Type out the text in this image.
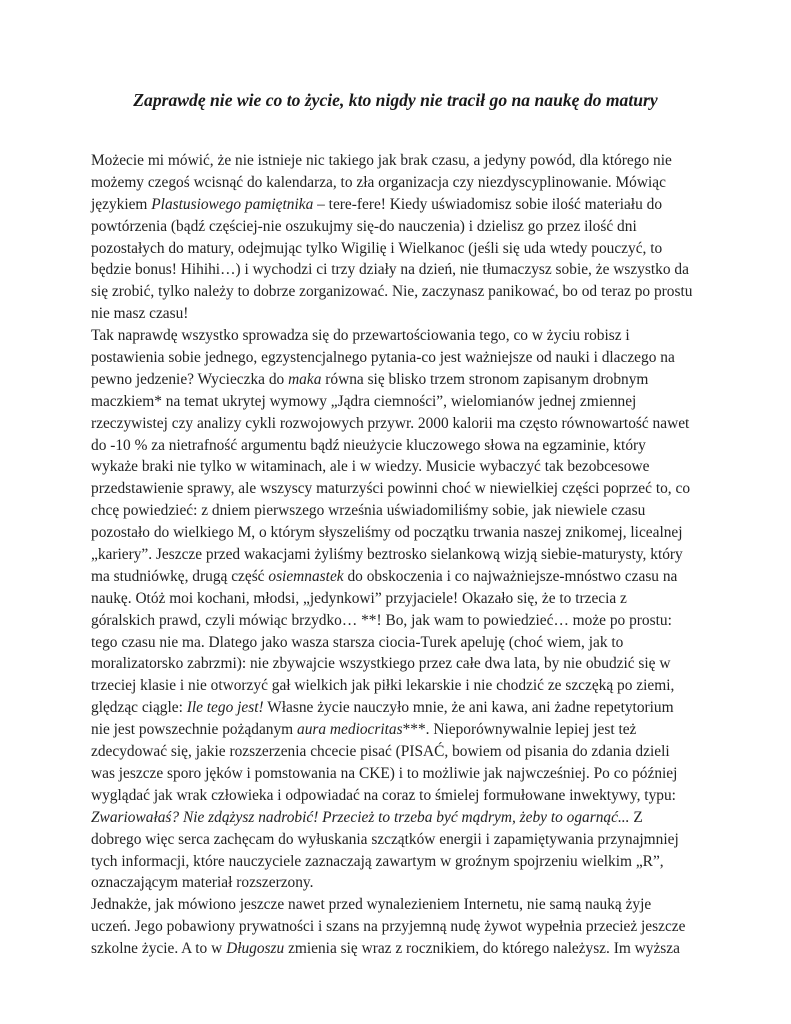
Zaprawdę nie wie co to życie, kto nigdy nie tracił go na naukę do matury
Możecie mi mówić, że nie istnieje nic takiego jak brak czasu, a jedyny powód, dla którego nie
możemy czegoś wcisnąć do kalendarza, to zła organizacja czy niezdyscyplinowanie. Mówiąc
językiem Plastusiowego pamiętnika – tere-fere! Kiedy uświadomisz sobie ilość materiału do
powtórzenia (bądź częściej-nie oszukujmy się-do nauczenia) i dzielisz go przez ilość dni
pozostałych do matury, odejmując tylko Wigilię i Wielkanoc (jeśli się uda wtedy pouczyć, to
będzie bonus! Hihihi…) i wychodzi ci trzy działy na dzień, nie tłumaczysz sobie, że wszystko da
się zrobić, tylko należy to dobrze zorganizować. Nie, zaczynasz panikować, bo od teraz po prostu
nie masz czasu!
Tak naprawdę wszystko sprowadza się do przewartościowania tego, co w życiu robisz i
postawienia sobie jednego, egzystencjalnego pytania-co jest ważniejsze od nauki i dlaczego na
pewno jedzenie? Wycieczka do maka równa się blisko trzem stronom zapisanym drobnym
maczkiem* na temat ukrytej wymowy „Jądra ciemności”, wielomianów jednej zmiennej
rzeczywistej czy analizy cykli rozwojowych przywr. 2000 kalorii ma często równowartość nawet
do -10 % za nietrafność argumentu bądź nieużycie kluczowego słowa na egzaminie, który
wykaże braki nie tylko w witaminach, ale i w wiedzy. Musicie wybaczyć tak bezobcesowe
przedstawienie sprawy, ale wszyscy maturzyści powinni choć w niewielkiej części poprzeć to, co
chcę powiedzieć: z dniem pierwszego września uświadomiliśmy sobie, jak niewiele czasu
pozostało do wielkiego M, o którym słyszeliśmy od początku trwania naszej znikomej, licealnej
„kariery”. Jeszcze przed wakacjami żyliśmy beztrosko sielankową wizją siebie-maturysty, który
ma studniówkę, drugą część osiemnastek do obskoczenia i co najważniejsze-mnóstwo czasu na
naukę. Otóż moi kochani, młodsi, „jedynkowi” przyjaciele! Okazało się, że to trzecia z
góralskich prawd, czyli mówiąc brzydko… **! Bo, jak wam to powiedzieć… może po prostu:
tego czasu nie ma. Dlatego jako wasza starsza ciocia-Turek apeluję (choć wiem, jak to
moralizatorsko zabrzmi): nie zbywajcie wszystkiego przez całe dwa lata, by nie obudzić się w
trzeciej klasie i nie otworzyć gał wielkich jak piłki lekarskie i nie chodzić ze szczęką po ziemi,
ględząc ciągle: Ile tego jest! Własne życie nauczyło mnie, że ani kawa, ani żadne repetytorium
nie jest powszechnie pożądanym aura mediocritas***. Nieporównywalnie lepiej jest też
zdecydować się, jakie rozszerzenia chcecie pisać (PISAĆ, bowiem od pisania do zdania dzieli
was jeszcze sporo jęków i pomstowania na CKE) i to możliwie jak najwcześniej. Po co później
wyglądać jak wrak człowieka i odpowiadać na coraz to śmielej formułowane inwektywy, typu:
Zwariowałaś? Nie zdążysz nadrobić! Przecież to trzeba być mądrym, żeby to ogarnąć... Z
dobrego więc serca zachęcam do wyłuskania szczątków energii i zapamiętywania przynajmniej
tych informacji, które nauczyciele zaznaczają zawartym w groźnym spojrzeniu wielkim „R”,
oznaczającym materiał rozszerzony.
Jednakże, jak mówiono jeszcze nawet przed wynalezieniem Internetu, nie samą nauką żyje
uczeń. Jego pobawiony prywatności i szans na przyjemną nudę żywot wypełnia przecież jeszcze
szkolne życie. A to w Długoszu zmienia się wraz z rocznikiem, do którego należysz. Im wyższa
